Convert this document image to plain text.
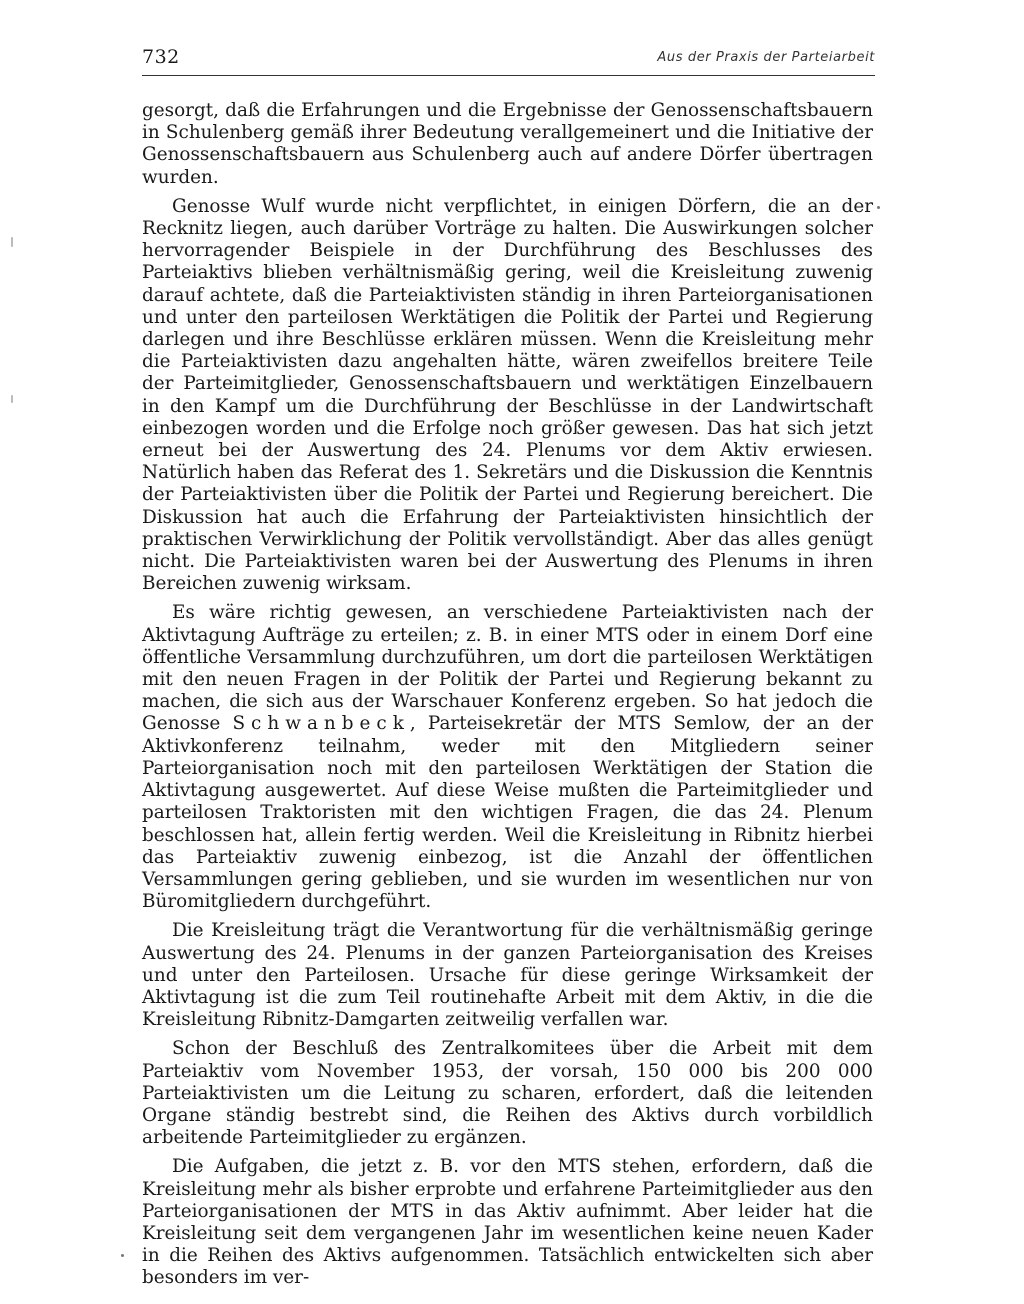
732	Aus der Praxis der Parteiarbeit

gesorgt, daß die Erfahrungen und die Ergebnisse der Genossenschaftsbauern in Schulenberg gemäß ihrer Bedeutung verallgemeinert und die Initiative der Genossenschaftsbauern aus Schulenberg auch auf andere Dörfer übertragen wurden.

Genosse Wulf wurde nicht verpflichtet, in einigen Dörfern, die an der Recknitz liegen, auch darüber Vorträge zu halten. Die Auswirkungen solcher hervorragender Beispiele in der Durchführung des Beschlusses des Parteiaktivs blieben verhältnismäßig gering, weil die Kreisleitung zuwenig darauf achtete, daß die Parteiaktivisten ständig in ihren Parteiorganisationen und unter den parteilosen Werktätigen die Politik der Partei und Regierung darlegen und ihre Beschlüsse erklären müssen. Wenn die Kreisleitung mehr die Parteiaktivisten dazu angehalten hätte, wären zweifellos breitere Teile der Parteimitglieder, Genossenschaftsbauern und werktätigen Einzelbauern in den Kampf um die Durchführung der Beschlüsse in der Landwirtschaft einbezogen worden und die Erfolge noch größer gewesen. Das hat sich jetzt erneut bei der Auswertung des 24. Plenums vor dem Aktiv erwiesen. Natürlich haben das Referat des 1. Sekretärs und die Diskussion die Kenntnis der Parteiaktivisten über die Politik der Partei und Regierung bereichert. Die Diskussion hat auch die Erfahrung der Parteiaktivisten hinsichtlich der praktischen Verwirklichung der Politik vervollständigt. Aber das alles genügt nicht. Die Parteiaktivisten waren bei der Auswertung des Plenums in ihren Bereichen zuwenig wirksam.

Es wäre richtig gewesen, an verschiedene Parteiaktivisten nach der Aktivtagung Aufträge zu erteilen; z. B. in einer MTS oder in einem Dorf eine öffentliche Versammlung durchzuführen, um dort die parteilosen Werktätigen mit den neuen Fragen in der Politik der Partei und Regierung bekannt zu machen, die sich aus der Warschauer Konferenz ergeben. So hat jedoch die Genosse Schwanbeck, Parteisekretär der MTS Semlow, der an der Aktivkonferenz teilnahm, weder mit den Mitgliedern seiner Parteiorganisation noch mit den parteilosen Werktätigen der Station die Aktivtagung ausgewertet. Auf diese Weise mußten die Parteimitglieder und parteilosen Traktoristen mit den wichtigen Fragen, die das 24. Plenum beschlossen hat, allein fertig werden. Weil die Kreisleitung in Ribnitz hierbei das Parteiaktiv zuwenig einbezog, ist die Anzahl der öffentlichen Versammlungen gering geblieben, und sie wurden im wesentlichen nur von Büromitgliedern durchgeführt.

Die Kreisleitung trägt die Verantwortung für die verhältnismäßig geringe Auswertung des 24. Plenums in der ganzen Parteiorganisation des Kreises und unter den Parteilosen. Ursache für diese geringe Wirksamkeit der Aktivtagung ist die zum Teil routinehafte Arbeit mit dem Aktiv, in die die Kreisleitung Ribnitz-Damgarten zeitweilig verfallen war.

Schon der Beschluß des Zentralkomitees über die Arbeit mit dem Parteiaktiv vom November 1953, der vorsah, 150 000 bis 200 000 Parteiaktivisten um die Leitung zu scharen, erfordert, daß die leitenden Organe ständig bestrebt sind, die Reihen des Aktivs durch vorbildlich arbeitende Parteimitglieder zu ergänzen.

Die Aufgaben, die jetzt z. B. vor den MTS stehen, erfordern, daß die Kreisleitung mehr als bisher erprobte und erfahrene Parteimitglieder aus den Parteiorganisationen der MTS in das Aktiv aufnimmt. Aber leider hat die Kreisleitung seit dem vergangenen Jahr im wesentlichen keine neuen Kader in die Reihen des Aktivs aufgenommen. Tatsächlich entwickelten sich aber besonders im ver-
